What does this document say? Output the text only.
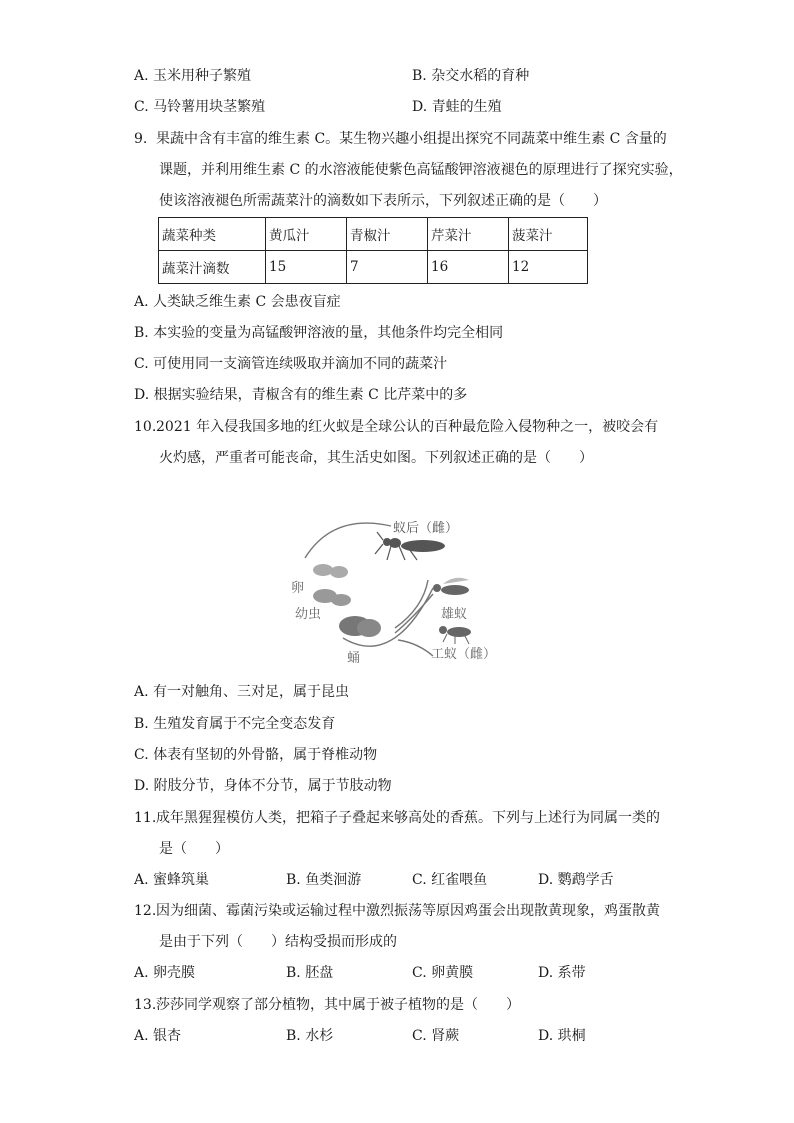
A. 玉米用种子繁殖	B. 杂交水稻的育种
C. 马铃薯用块茎繁殖	D. 青蛙的生殖
9. 果蔬中含有丰富的维生素 C。某生物兴趣小组提出探究不同蔬菜中维生素 C 含量的
课题，并利用维生素 C 的水溶液能使紫色高锰酸钾溶液褪色的原理进行了探究实验，
使该溶液褪色所需蔬菜汁的滴数如下表所示，下列叙述正确的是（　　）
蔬菜种类	黄瓜汁	青椒汁	芹菜汁	菠菜汁
蔬菜汁滴数	15	7	16	12
A. 人类缺乏维生素 C 会患夜盲症
B. 本实验的变量为高锰酸钾溶液的量，其他条件均完全相同
C. 可使用同一支滴管连续吸取并滴加不同的蔬菜汁
D. 根据实验结果，青椒含有的维生素 C 比芹菜中的多
10.2021 年入侵我国多地的红火蚁是全球公认的百种最危险入侵物种之一，被咬会有
火灼感，严重者可能丧命，其生活史如图。下列叙述正确的是（　　）
蚁后（雌）
卵
幼虫
蛹
雄蚁
工蚁（雌）
A. 有一对触角、三对足，属于昆虫
B. 生殖发育属于不完全变态发育
C. 体表有坚韧的外骨骼，属于脊椎动物
D. 附肢分节，身体不分节，属于节肢动物
11.成年黑猩猩模仿人类，把箱子子叠起来够高处的香蕉。下列与上述行为同属一类的
是（　　）
A. 蜜蜂筑巢	B. 鱼类洄游	C. 红雀喂鱼	D. 鹦鹉学舌
12.因为细菌、霉菌污染或运输过程中激烈振荡等原因鸡蛋会出现散黄现象，鸡蛋散黄
是由于下列（　　）结构受损而形成的
A. 卵壳膜	B. 胚盘	C. 卵黄膜	D. 系带
13.莎莎同学观察了部分植物，其中属于被子植物的是（　　）
A. 银杏	B. 水杉	C. 肾蕨	D. 珙桐
